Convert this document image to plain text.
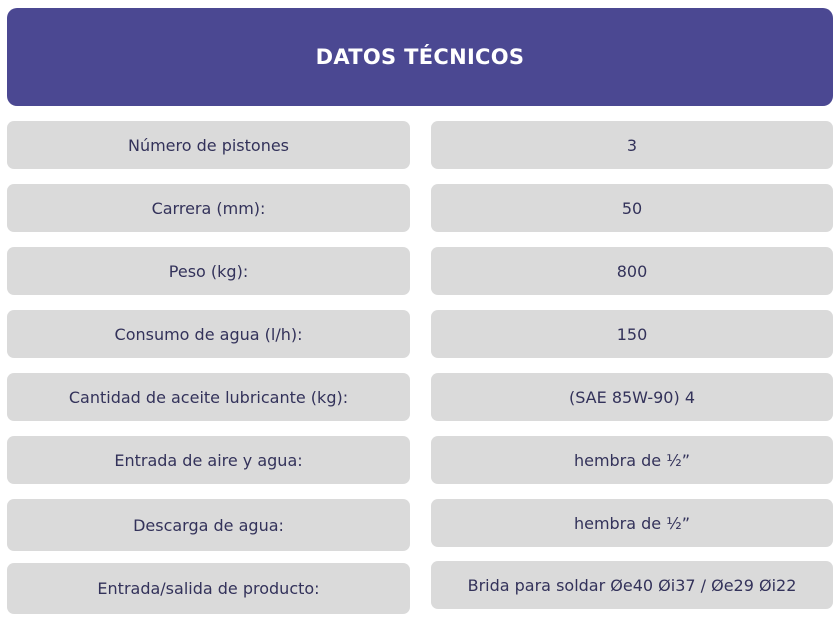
DATOS TÉCNICOS
Número de pistones	3
Carrera (mm):	50
Peso (kg):	800
Consumo de agua (l/h):	150
Cantidad de aceite lubricante (kg):	(SAE 85W-90) 4
Entrada de aire y agua:	hembra de ½”
Descarga de agua:	hembra de ½”
Entrada/salida de producto:	Brida para soldar Øe40 Øi37 / Øe29 Øi22
